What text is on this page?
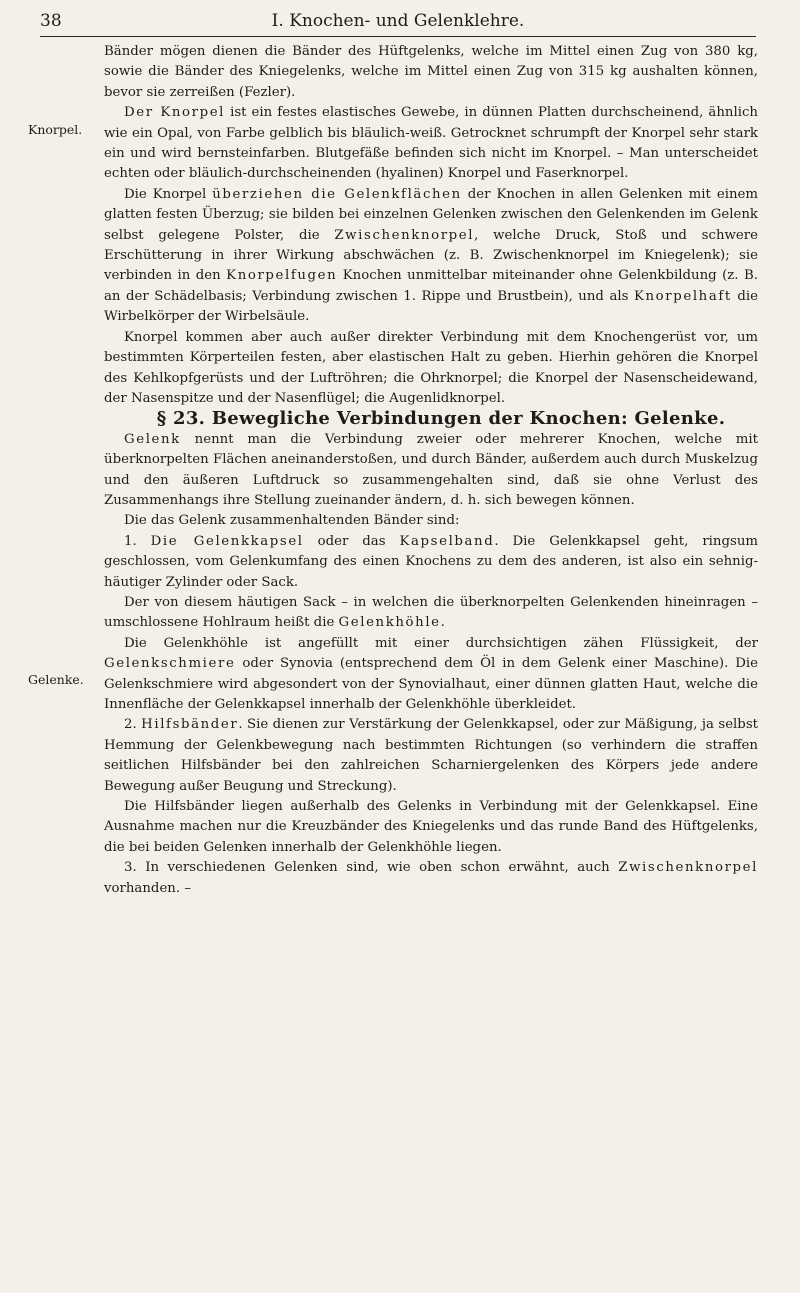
38	I. Knochen- und Gelenklehre.
Knorpel.
Gelenke.

Bänder mögen dienen die Bänder des Hüftgelenks, welche im Mittel einen Zug von 380 kg, sowie die Bänder des Kniegelenks, welche im Mittel einen Zug von 315 kg aushalten können, bevor sie zerreißen (Fezler).

Der Knorpel ist ein festes elastisches Gewebe, in dünnen Platten durchscheinend, ähnlich wie ein Opal, von Farbe gelblich bis bläulich-weiß. Getrocknet schrumpft der Knorpel sehr stark ein und wird bernsteinfarben. Blutgefäße befinden sich nicht im Knorpel. – Man unterscheidet echten oder bläulich-durchscheinenden (hyalinen) Knorpel und Faserknorpel.

Die Knorpel überziehen die Gelenkflächen der Knochen in allen Gelenken mit einem glatten festen Überzug; sie bilden bei einzelnen Gelenken zwischen den Gelenkenden im Gelenk selbst gelegene Polster, die Zwischenknorpel, welche Druck, Stoß und schwere Erschütterung in ihrer Wirkung abschwächen (z. B. Zwischenknorpel im Kniegelenk); sie verbinden in den Knorpelfugen Knochen unmittelbar miteinander ohne Gelenkbildung (z. B. an der Schädelbasis; Verbindung zwischen 1. Rippe und Brustbein), und als Knorpelhaft die Wirbelkörper der Wirbelsäule.

Knorpel kommen aber auch außer direkter Verbindung mit dem Knochengerüst vor, um bestimmten Körperteilen festen, aber elastischen Halt zu geben. Hierhin gehören die Knorpel des Kehlkopfgerüsts und der Luftröhren; die Ohrknorpel; die Knorpel der Nasenscheidewand, der Nasenspitze und der Nasenflügel; die Augenlidknorpel.

§ 23. Bewegliche Verbindungen der Knochen: Gelenke.

Gelenk nennt man die Verbindung zweier oder mehrerer Knochen, welche mit überknorpelten Flächen aneinanderstoßen, und durch Bänder, außerdem auch durch Muskelzug und den äußeren Luftdruck so zusammengehalten sind, daß sie ohne Verlust des Zusammenhangs ihre Stellung zueinander ändern, d. h. sich bewegen können.

Die das Gelenk zusammenhaltenden Bänder sind:

1. Die Gelenkkapsel oder das Kapselband. Die Gelenkkapsel geht, ringsum geschlossen, vom Gelenkumfang des einen Knochens zu dem des anderen, ist also ein sehnig-häutiger Zylinder oder Sack.

Der von diesem häutigen Sack – in welchen die überknorpelten Gelenkenden hineinragen – umschlossene Hohlraum heißt die Gelenkhöhle.

Die Gelenkhöhle ist angefüllt mit einer durchsichtigen zähen Flüssigkeit, der Gelenkschmiere oder Synovia (entsprechend dem Öl in dem Gelenk einer Maschine). Die Gelenkschmiere wird abgesondert von der Synovialhaut, einer dünnen glatten Haut, welche die Innenfläche der Gelenkkapsel innerhalb der Gelenkhöhle überkleidet.

2. Hilfsbänder. Sie dienen zur Verstärkung der Gelenkkapsel, oder zur Mäßigung, ja selbst Hemmung der Gelenkbewegung nach bestimmten Richtungen (so verhindern die straffen seitlichen Hilfsbänder bei den zahlreichen Scharniergelenken des Körpers jede andere Bewegung außer Beugung und Streckung).

Die Hilfsbänder liegen außerhalb des Gelenks in Verbindung mit der Gelenkkapsel. Eine Ausnahme machen nur die Kreuzbänder des Kniegelenks und das runde Band des Hüftgelenks, die bei beiden Gelenken innerhalb der Gelenkhöhle liegen.

3. In verschiedenen Gelenken sind, wie oben schon erwähnt, auch Zwischenknorpel vorhanden. –
